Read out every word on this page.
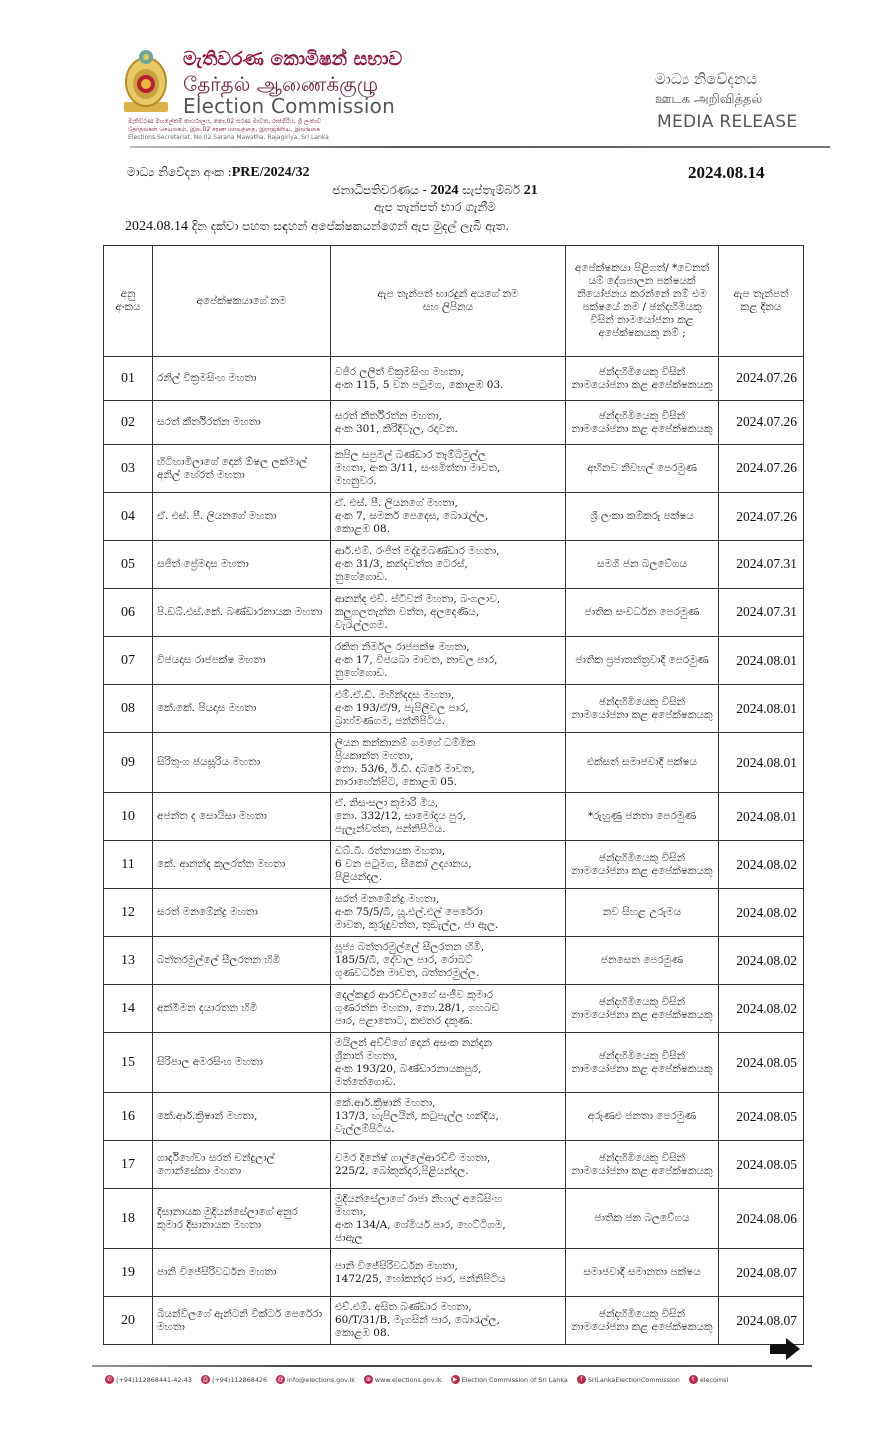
මැතිවරණ කොමිෂන් සභාව
தேர்தல் ஆணைக்குழு
Election Commission
මැතිවරණ මහලේකම් කාර්යාලය, නො.02 සරණ මාවත, රාජගිරිය, ශ්‍රී ලංකාව
தேர்தல்கள் செயலகம், இல.02 சரண மாவத்தை, இராஜகிரிய, இலங்கை
Elections Secretariat, No.02 Sarana Mawatha, Rajagiriya, Sri Lanka
මාධ්‍ය නිවේදනය
ஊடக அறிவித்தல்
MEDIA RELEASE
මාධ්‍ය නිවේදන අංක :PRE/2024/32	2024.08.14
ජනාධිපතිවරණය - 2024 සැප්තැම්බර් 21
ඇප තැන්පත් භාර ගැනීම
2024.08.14 දින දක්වා පහත සඳහන් අපේක්ෂකයන්ගෙන් ඇප මුදල් ලැබී ඇත.
අනු අංකය	අපේක්ෂකයාගේ නම	ඇප තැන්පත් භාරදුන් අයගේ නම සහ ලිපිනය	අපේක්ෂකයා පිළිගත්/ *වෙනත් යම් දේශපාලන පක්ෂයක් නියෝජනය කරන්නේ නම් එම පක්ෂයේ නම / ඡන්දහිමියකු විසින් නාමයෝජනා කළ අපේක්ෂකයකු නම් ;	ඇප තැන්පත් කළ දිනය
01	රනිල් වික්‍රමසිංහ මහතා	වජිර ලලිත් වික්‍රමසිංහ මහතා,
අංක 115, 5 වන පටුමග, කොළඹ 03.	ඡන්දහිමියෙකු විසින් නාමයෝජනා කළ අපේක්ෂකයකු	2024.07.26
02	සරත් කීර්තිරත්න මහතා	සරත් කීර්තිරත්න මහතා,
අංක 301, කිරිදිවැල, රදාවන.	ඡන්දහිමියෙකු විසින් නාමයෝජනා කළ අපේක්ෂකයකු	2024.07.26
03	හිටිහාමිලාගේ දොන් ඕෂල ලක්මාල් අනිල් හේරත් මහතා	කපිල සපුමල් බණ්ඩාර තැම්බිමුල්ල
මහතා, අංක 3/11, සංඝමිත්තා මාවත,
මහනුවර.	අභිනව නිවහල් පෙරමුණ	2024.07.26
04	ඒ. එස්. පී. ලියනගේ මහතා	ඒ. එස්. පී. ලියනගේ මහතා,
අංක 7, සමනර් පෙදෙස, බොරැල්ල,
කොළඹ 08.	ශ්‍රී ලංකා කම්කරු පක්ෂය	2024.07.26
05	සජිත් ප්‍රේමදාස මහතා	ආර්.එම්. රංජිත් මද්දුමබණ්ඩාර මහතා,
අංක 31/3, කන්දවත්ත ටෙරස්,
නුගේගොඩ.	සමගි ජන බලවේගය	2024.07.31
06	පි.ඩබ්.එස්.කේ. බණ්ඩාරනායක මහතා	ආනන්ද එච්. ස්ටීවන් මහතා, බංගලාව,
කලුගලතැන්න වත්ත, අලදෙණිය,
වැරැල්ලගම.	ජාතික සංවර්ධන පෙරමුණ	2024.07.31
07	විජයදාස රාජපක්ෂ මහතා	රකිත නිර්මල රාජපක්ෂ මහතා,
අංක 17, විජයබා මාවත, නාවල පාර,
නුගේගොඩ.	ජාතික ප්‍රජාතන්ත්‍රවාදී පෙරමුණ	2024.08.01
08	කේ.කේ. පියදාස මහතා	එම්.ඒ.ඩී. මහින්දදාස මහතා,
අංක 193/ඒ/9, පැපිලිවල පාර,
බ්‍රාහ්මණගම, පන්නිපිටිය.	ඡන්දහිමියෙකු විසින් නාමයෝජනා කළ අපේක්ෂකයකු	2024.08.01
09	සිරිතුංග ජයසූරිය මහතා	ලියන කන්කානම් ගමගේ ධම්මික
ප්‍රියකාන්ත මහතා,
නො. 53/6, ඊ.ඩී. දාබරේ මාවත,
නාරාහේන්පිට, කොළඹ 05.	එක්සත් සමාජවාදී පක්ෂය	2024.08.01
10	අජන්ත ද සොයිසා මහතා	ඒ. නිසංසලා කුමාරි මිය,
නො. 332/12, සාමෝදය පුර,
පැලැන්වත්ත, පන්නිපිටිය.	*රුහුණු ජනතා පෙරමුණ	2024.08.01
11	කේ. ආනන්ද කුලරත්න මහතා	ඩබ්.බී. රත්නායක මහතා,
6 වන පටුමග, සීකෝ උද්‍යානය,
පිළියන්දල.	ඡන්දහිමියෙකු විසින් නාමයෝජනා කළ අපේක්ෂකයකු	2024.08.02
12	සරත් මනමේන්ද්‍ර මහතා	සරත් මනමේන්ද්‍ර මහතා,
අංක 75/5/බී, යූ.එල්.එල් පෙරේරා
මාවත, කුරුදුවත්ත, තුඩැල්ල, ජා ඇල.	නව සිහළ උරුමය	2024.08.02
13	බත්තරමුල්ලේ සීලරතන හිමි	පූජ්‍ය බත්තරමුල්ලේ සීලරතන හිමි,
185/5/බී, දේවාල පාර, රොබට්
ගුණවර්ධන මාවත, බත්තරමුල්ල.	ජනසෙත පෙරමුණ	2024.08.02
14	අක්මීමන දයාරතන හිමි	දෙල්කඳුර ආරච්චිලාගේ සංජීව කුමාර
ගුණරත්න මහතා, නො.28/1, ගහබඩ
පාර, පළාතොට, කළුතර දකුණ.	ඡන්දහිමියෙකු විසින් නාමයෝජනා කළ අපේක්ෂකයකු	2024.08.02
15	සිරිපාල අමරසිංහ මහතා	මයිලන් අච්චිගේ දොන් අසංක නන්දන
ශ්‍රීනාත් මහතා,
අංක 193/20, බණ්ඩාරනායකපුර,
මත්තේගොඩ.	ඡන්දහිමියෙකු විසින් නාමයෝජනා කළ අපේක්ෂකයකු	2024.08.05
16	කේ.ආර්.ක්‍රිෂාන් මහතා,	කේ.ආර්.ක්‍රිෂාන් මහතා,
137/3, හැපිලයින්, කටුපැල්ල හන්දිය,
වැල්ලම්පිටිය.	අරුණළු ජනතා පෙරමුණ	2024.08.05
17	ගාර්දිහේවා සරත් චන්ද්‍රලාල් ෆොන්සේකා මහතා	චමර දිනේෂ් ගාල්ලේආරච්චි මහතා,
225/2, බෝකුන්දර,පිළියන්දල.	ඡන්දහිමියෙකු විසින් නාමයෝජනා කළ අපේක්ෂකයකු	2024.08.05
18	දිසානායක මුදියන්සේලාගේ අනුර කුමාර දිසානායක මහතා	මුදියන්සේලාගේ රාජා නිහාල් අබේසිංහ
මහතා,
අංක 134/A, ශේමියර් පාර, හෙට්ටිගම,
ජාඇල	ජාතික ජන බලවේගය	2024.08.06
19	පානි විජේසිරිවර්ධන මහතා	පානි විජේසිරිවර්ධන මහතා,
1472/25, හෝකන්දර පාර, පන්නිපිටිය	සමාජවාදී සමානතා පක්ෂය	2024.08.07
20	බියන්විලගේ ඇන්ටනි වික්ටර් පෙරේරා මහතා	එච්.එම්. අසිත බණ්ඩාර මහතා,
60/T/31/B, මැගසින් පාර, බොරැල්ල,
කොළඹ 08.	ඡන්දහිමියෙකු විසින් නාමයෝජනා කළ අපේක්ෂකයකු	2024.08.07
✆ (+94)112868441-42-43	⎙ (+94)112868426 @ info@elections.gov.lk	⊕ www.elections.gov.lk	▶ Election Commission of Sri Lanka	f SriLankaElectionCommission	t elecomsl
